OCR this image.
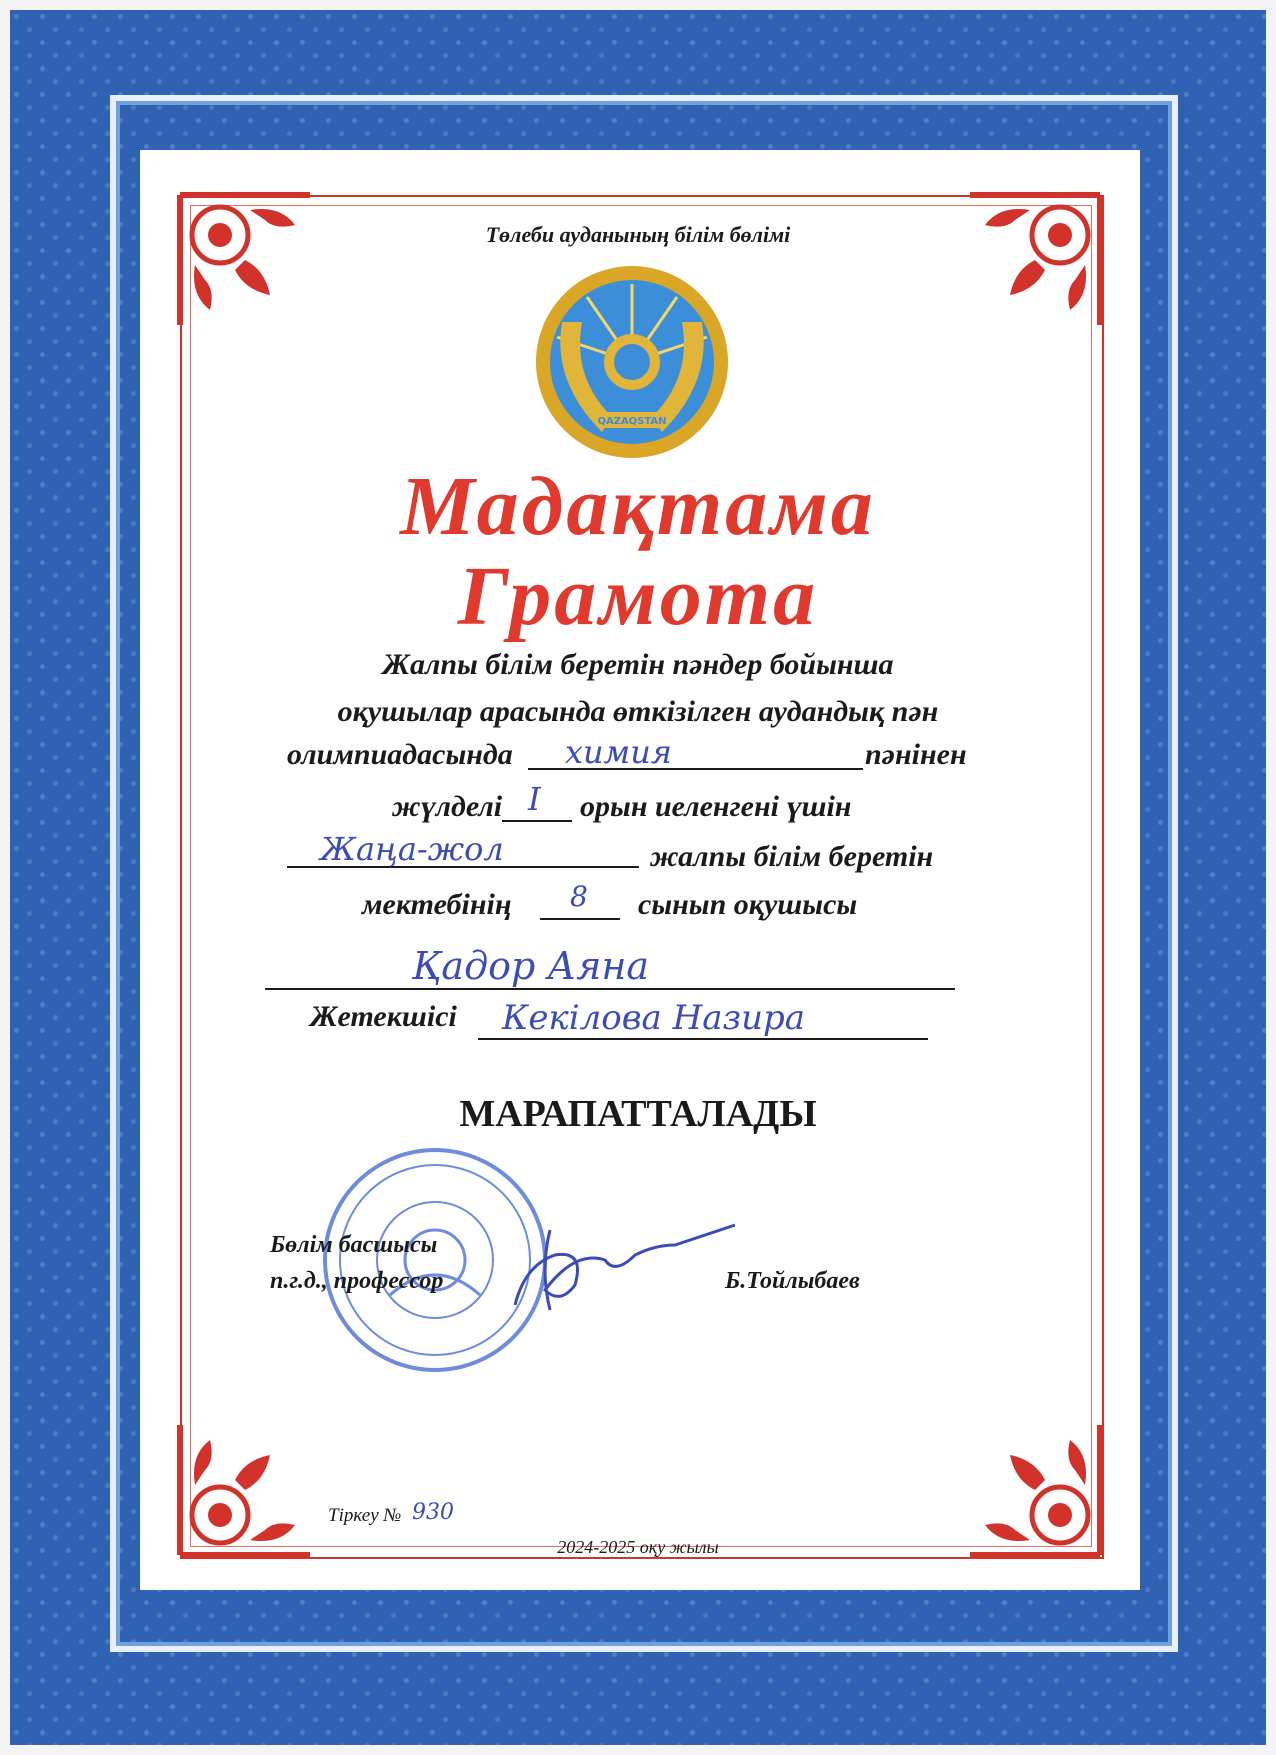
Төлеби ауданының білім бөлімі
QAZAQSTAN
Мадақтама
Грамота
Жалпы білім беретін пәндер бойынша
оқушылар арасында өткізілген аудандық пән
олимпиадасында химия	пәнінен
жүлделі I орын иеленгені үшін
Жаңа-жол	жалпы білім беретін
мектебінің 8 сынып оқушысы
Қадор Аяна
Жетекшісі Кекілова Назира
МАРАПАТТАЛАДЫ
Бөлім басшысы
п.г.д., профессор	Б.Тойлыбаев
Тіркеу № 930
2024-2025 оқу жылы
